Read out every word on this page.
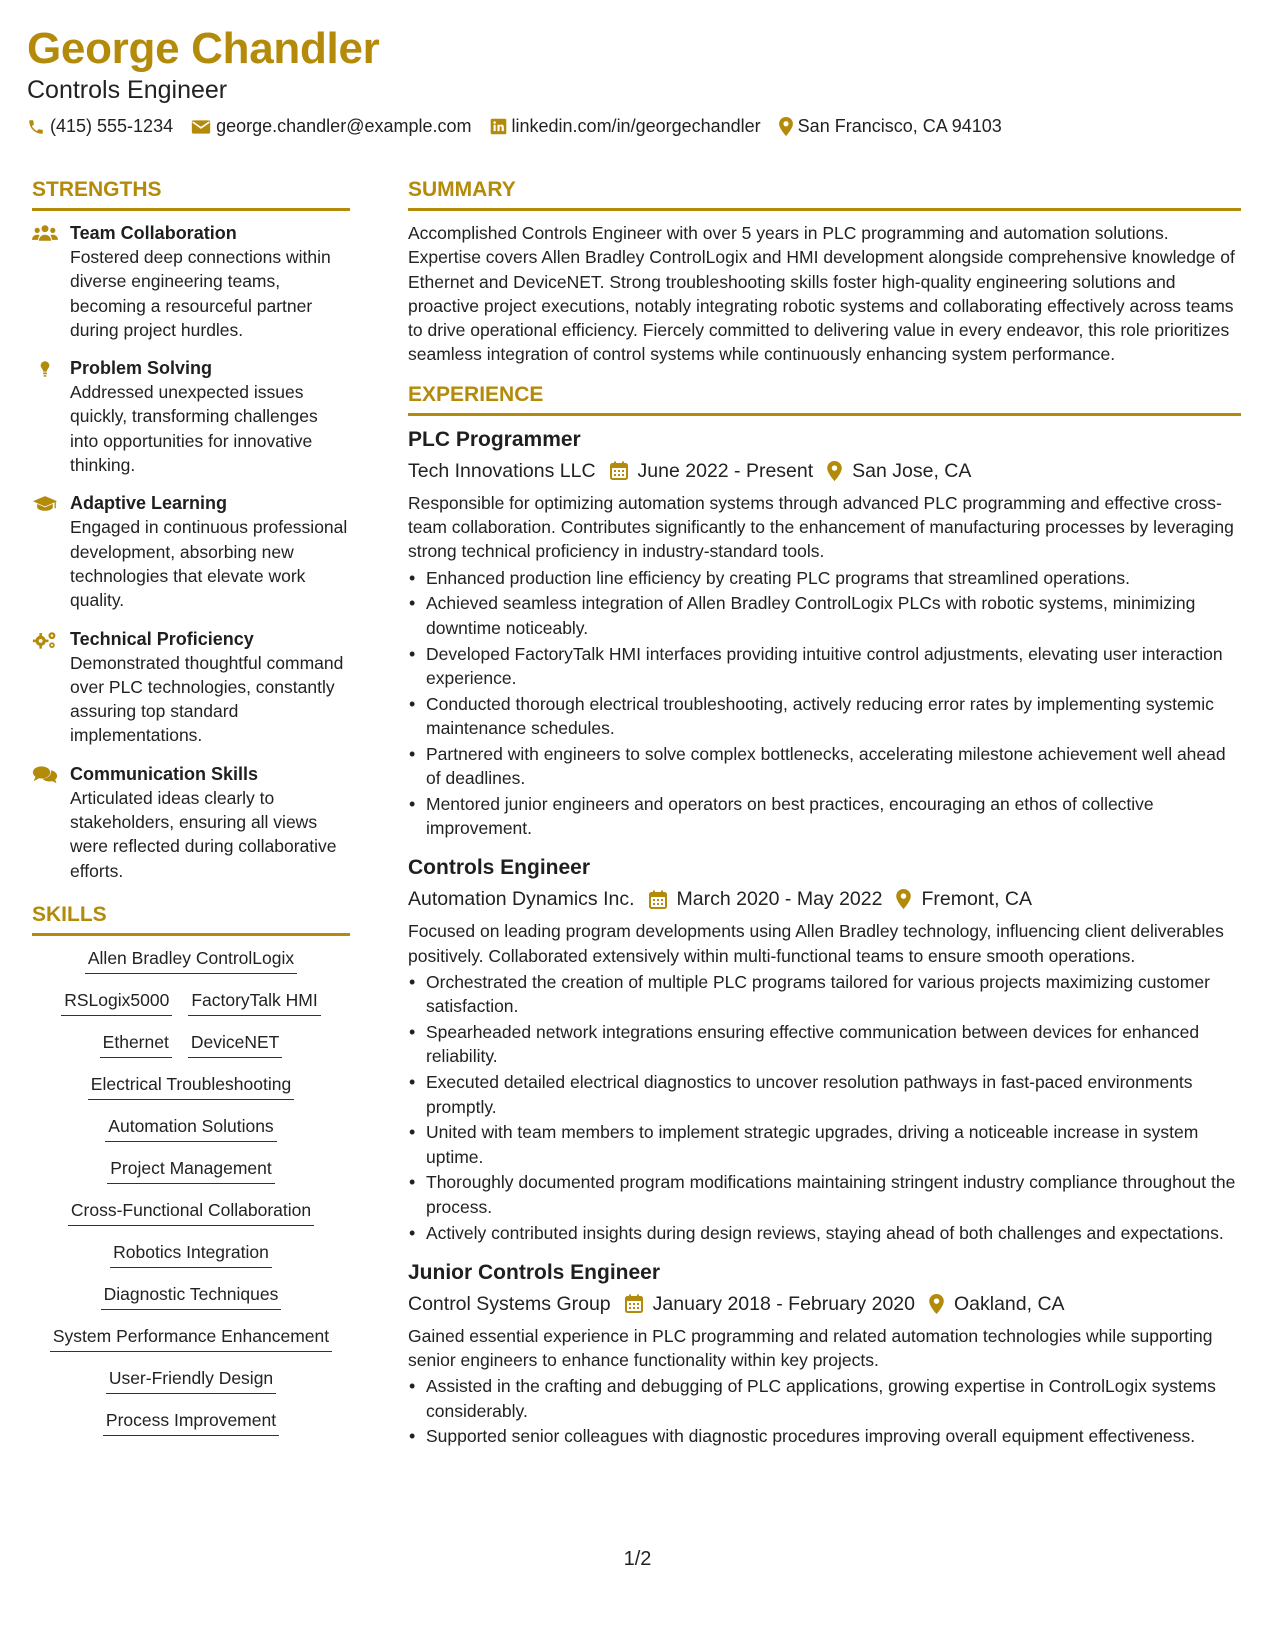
George Chandler
Controls Engineer
(415) 555-1234 george.chandler@example.com linkedin.com/in/georgechandler San Francisco, CA 94103
STRENGTHS
Team Collaboration
Fostered deep connections within diverse engineering teams, becoming a resourceful partner during project hurdles.
Problem Solving
Addressed unexpected issues quickly, transforming challenges into opportunities for innovative thinking.
Adaptive Learning
Engaged in continuous professional development, absorbing new technologies that elevate work quality.
Technical Proficiency
Demonstrated thoughtful command over PLC technologies, constantly assuring top standard implementations.
Communication Skills
Articulated ideas clearly to stakeholders, ensuring all views were reflected during collaborative efforts.
SKILLS
Allen Bradley ControlLogix
RSLogix5000 FactoryTalk HMI
Ethernet DeviceNET
Electrical Troubleshooting
Automation Solutions
Project Management
Cross-Functional Collaboration
Robotics Integration
Diagnostic Techniques
System Performance Enhancement
User-Friendly Design
Process Improvement
SUMMARY
Accomplished Controls Engineer with over 5 years in PLC programming and automation solutions. Expertise covers Allen Bradley ControlLogix and HMI development alongside comprehensive knowledge of Ethernet and DeviceNET. Strong troubleshooting skills foster high-quality engineering solutions and proactive project executions, notably integrating robotic systems and collaborating effectively across teams to drive operational efficiency. Fiercely committed to delivering value in every endeavor, this role prioritizes seamless integration of control systems while continuously enhancing system performance.
EXPERIENCE
PLC Programmer
Tech Innovations LLC June 2022 - Present San Jose, CA
Responsible for optimizing automation systems through advanced PLC programming and effective cross-team collaboration. Contributes significantly to the enhancement of manufacturing processes by leveraging strong technical proficiency in industry-standard tools.
• Enhanced production line efficiency by creating PLC programs that streamlined operations.
• Achieved seamless integration of Allen Bradley ControlLogix PLCs with robotic systems, minimizing downtime noticeably.
• Developed FactoryTalk HMI interfaces providing intuitive control adjustments, elevating user interaction experience.
• Conducted thorough electrical troubleshooting, actively reducing error rates by implementing systemic maintenance schedules.
• Partnered with engineers to solve complex bottlenecks, accelerating milestone achievement well ahead of deadlines.
• Mentored junior engineers and operators on best practices, encouraging an ethos of collective improvement.
Controls Engineer
Automation Dynamics Inc. March 2020 - May 2022 Fremont, CA
Focused on leading program developments using Allen Bradley technology, influencing client deliverables positively. Collaborated extensively within multi-functional teams to ensure smooth operations.
• Orchestrated the creation of multiple PLC programs tailored for various projects maximizing customer satisfaction.
• Spearheaded network integrations ensuring effective communication between devices for enhanced reliability.
• Executed detailed electrical diagnostics to uncover resolution pathways in fast-paced environments promptly.
• United with team members to implement strategic upgrades, driving a noticeable increase in system uptime.
• Thoroughly documented program modifications maintaining stringent industry compliance throughout the process.
• Actively contributed insights during design reviews, staying ahead of both challenges and expectations.
Junior Controls Engineer
Control Systems Group January 2018 - February 2020 Oakland, CA
Gained essential experience in PLC programming and related automation technologies while supporting senior engineers to enhance functionality within key projects.
• Assisted in the crafting and debugging of PLC applications, growing expertise in ControlLogix systems considerably.
• Supported senior colleagues with diagnostic procedures improving overall equipment effectiveness.
1/2
